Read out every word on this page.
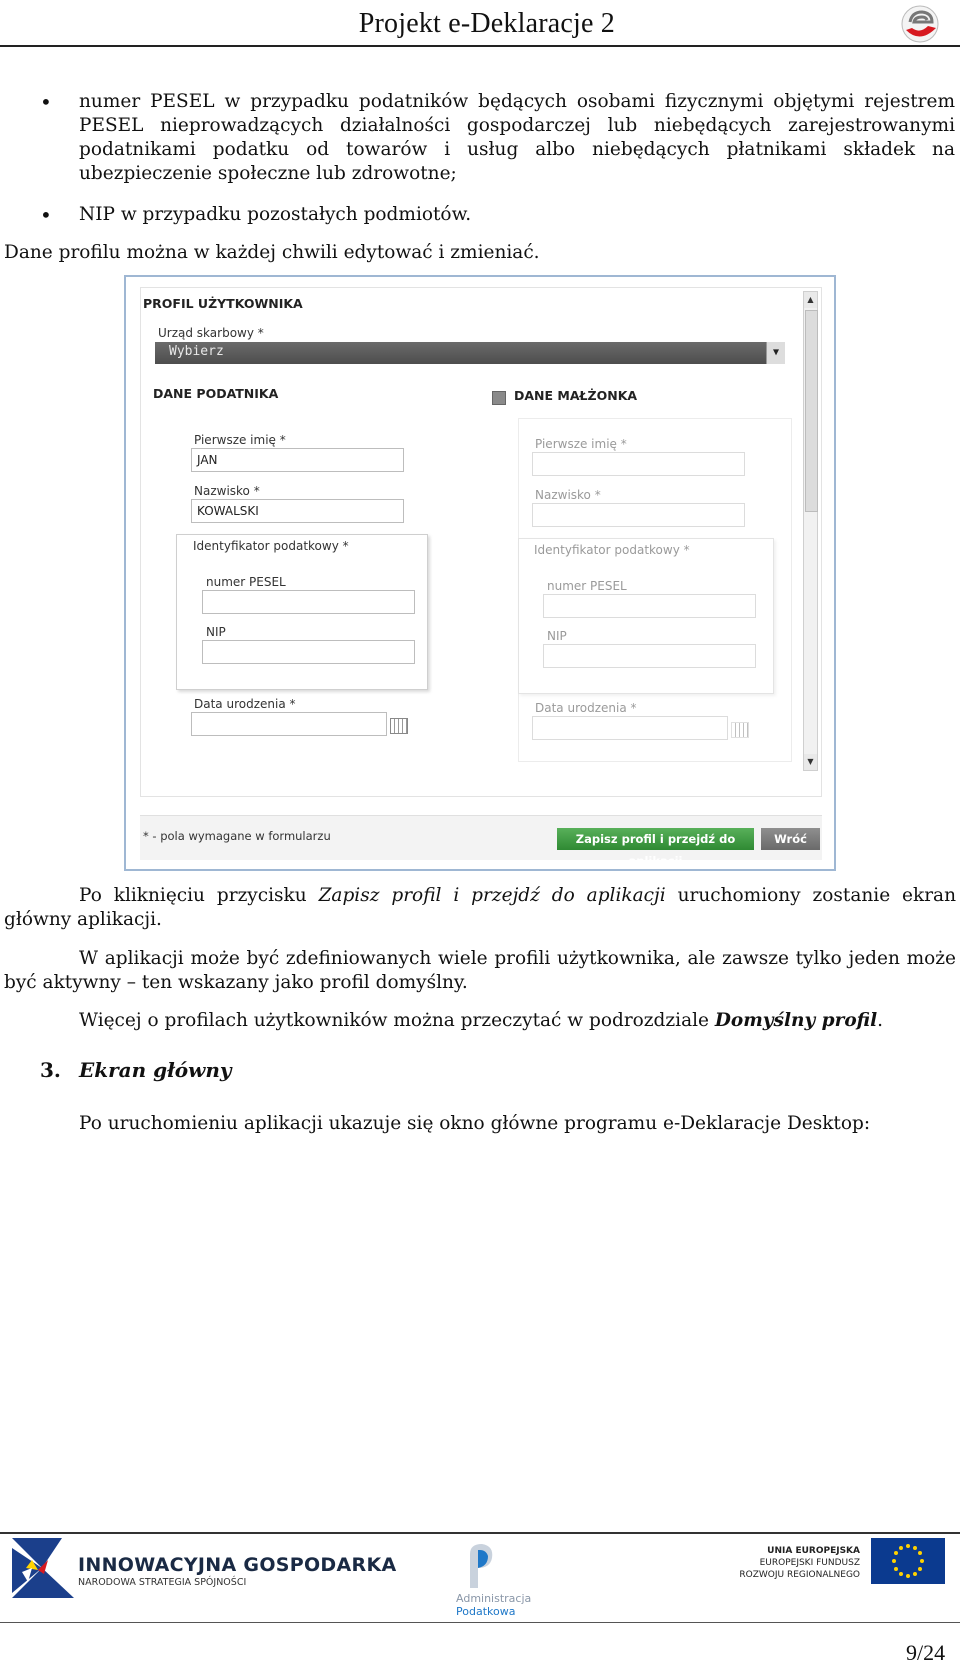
Projekt e-Deklaracje 2
• numer PESEL w przypadku podatników będących osobami fizycznymi objętymi rejestrem PESEL nieprowadzących działalności gospodarczej lub niebędących zarejestrowanymi podatnikami podatku od towarów i usług albo niebędących płatnikami składek na ubezpieczenie społeczne lub zdrowotne;
• NIP w przypadku pozostałych podmiotów.
Dane profilu można w każdej chwili edytować i zmieniać.
PROFIL UŻYTKOWNIKA
Urząd skarbowy *
Wybierz	▼
DANE PODATNIKA
Pierwsze imię *
JAN
Nazwisko *
KOWALSKI
Identyfikator podatkowy *
numer PESEL
NIP
Data urodzenia *
DANE MAŁŻONKA
Pierwsze imię *
Nazwisko *
Identyfikator podatkowy *
numer PESEL
NIP
Data urodzenia *
▲
▼
* - pola wymagane w formularzu	Zapisz profil i przejdź do aplikacji
Wróć
Po kliknięciu przycisku Zapisz profil i przejdź do aplikacji uruchomiony zostanie ekran główny aplikacji.
W aplikacji może być zdefiniowanych wiele profili użytkownika, ale zawsze tylko jeden może być aktywny – ten wskazany jako profil domyślny.
Więcej o profilach użytkowników można przeczytać w podrozdziale Domyślny profil.
3. Ekran główny
Po uruchomieniu aplikacji ukazuje się okno główne programu e-Deklaracje Desktop:
INNOWACYJNA GOSPODARKA
NARODOWA STRATEGIA SPÓJNOŚCI
Administracja
Podatkowa
UNIA EUROPEJSKA
EUROPEJSKI FUNDUSZ
ROZWOJU REGIONALNEGO
9/24
